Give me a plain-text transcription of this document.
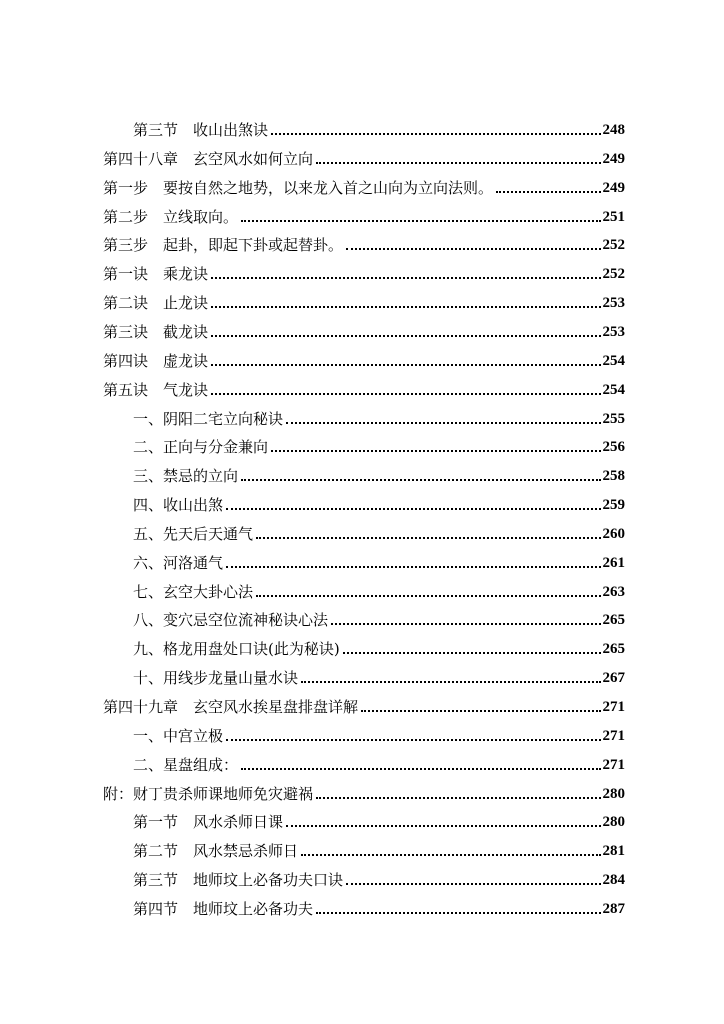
第三节　收山出煞诀	248
第四十八章　玄空风水如何立向	249
第一步　要按自然之地势，以来龙入首之山向为立向法则。	249
第二步　立线取向。	251
第三步　起卦，即起下卦或起替卦。	252
第一诀　乘龙诀	252
第二诀　止龙诀	253
第三诀　截龙诀	253
第四诀　虚龙诀	254
第五诀　气龙诀	254
一、阴阳二宅立向秘诀	255
二、正向与分金兼向	256
三、禁忌的立向	258
四、收山出煞	259
五、先天后天通气	260
六、河洛通气	261
七、玄空大卦心法	263
八、变穴忌空位流神秘诀心法	265
九、格龙用盘处口诀(此为秘诀)	265
十、用线步龙量山量水诀	267
第四十九章　玄空风水挨星盘排盘详解	271
一、中宫立极	271
二、星盘组成：	271
附：财丁贵杀师课地师免灾避祸	280
第一节　风水杀师日课	280
第二节　风水禁忌杀师日	281
第三节　地师坟上必备功夫口诀	284
第四节　地师坟上必备功夫	287
